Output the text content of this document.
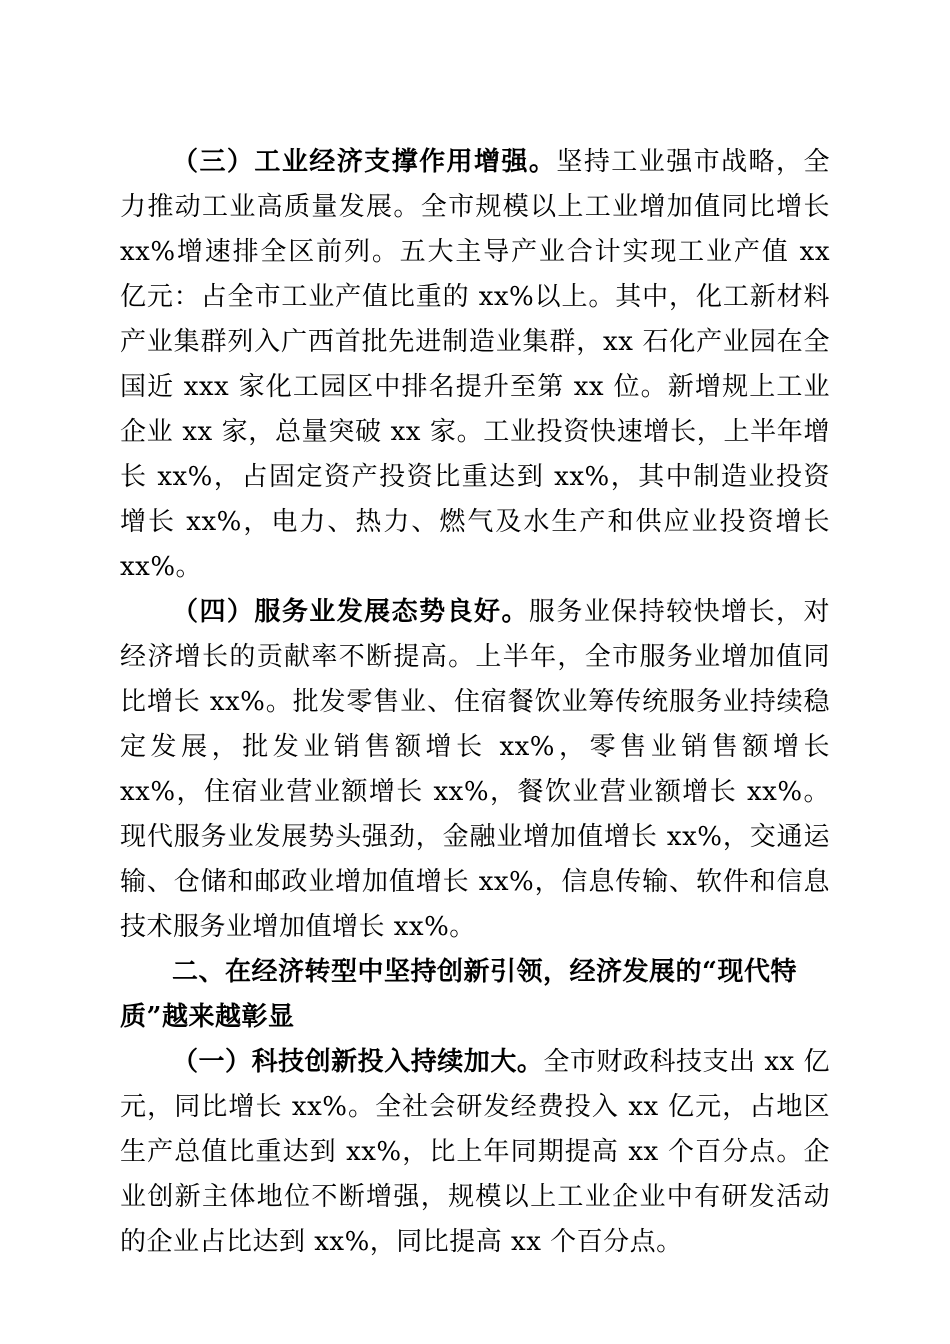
（三）工业经济支撑作用增强。坚持工业强市战略，全力推动工业高质量发展。全市规模以上工业增加值同比增长 xx%增速排全区前列。五大主导产业合计实现工业产值 xx 亿元：占全市工业产值比重的 xx%以上。其中，化工新材料产业集群列入广西首批先进制造业集群，xx 石化产业园在全国近 xxx 家化工园区中排名提升至第 xx 位。新增规上工业企业 xx 家，总量突破 xx 家。工业投资快速增长，上半年增长 xx%，占固定资产投资比重达到 xx%，其中制造业投资增长 xx%，电力、热力、燃气及水生产和供应业投资增长 xx%。

（四）服务业发展态势良好。服务业保持较快增长，对经济增长的贡献率不断提高。上半年，全市服务业增加值同比增长 xx%。批发零售业、住宿餐饮业筹传统服务业持续稳定发展，批发业销售额增长 xx%，零售业销售额增长 xx%，住宿业营业额增长 xx%，餐饮业营业额增长 xx%。现代服务业发展势头强劲，金融业增加值增长 xx%，交通运输、仓储和邮政业增加值增长 xx%，信息传输、软件和信息技术服务业增加值增长 xx%。

二、在经济转型中坚持创新引领，经济发展的“现代特质”越来越彰显

（一）科技创新投入持续加大。全市财政科技支出 xx 亿元，同比增长 xx%。全社会研发经费投入 xx 亿元，占地区生产总值比重达到 xx%，比上年同期提高 xx 个百分点。企业创新主体地位不断增强，规模以上工业企业中有研发活动的企业占比达到 xx%，同比提高 xx 个百分点。
